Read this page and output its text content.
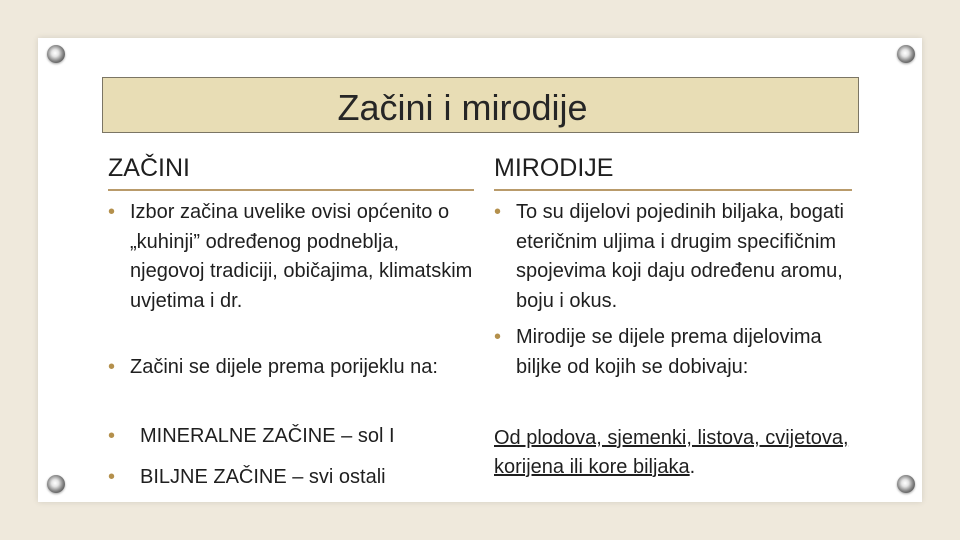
Začini i mirodije
ZAČINI	MIRODIJE
• Izbor začina uvelike ovisi općenito o „kuhinji” određenog podneblja, njegovoj tradiciji, običajima, klimatskim uvjetima i dr.
• Začini se dijele prema porijeklu na:
• MINERALNE ZAČINE – sol I
• BILJNE ZAČINE – svi ostali
• To su dijelovi pojedinih biljaka, bogati eteričnim uljima i drugim specifičnim spojevima koji daju određenu aromu, boju i okus.
• Mirodije se dijele prema dijelovima biljke od kojih se dobivaju:
Od plodova, sjemenki, listova, cvijetova, korijena ili kore biljaka.
